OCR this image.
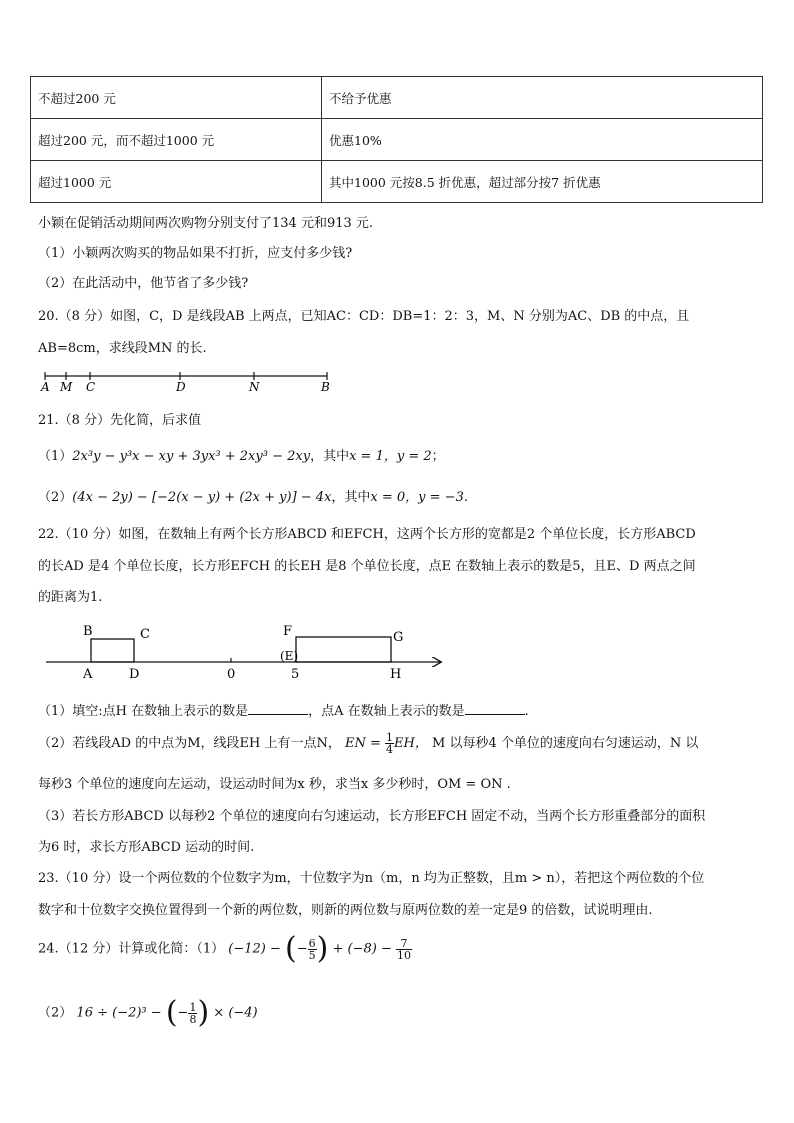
不超过200 元	不给予优惠
超过200 元，而不超过1000 元	优惠10%
超过1000 元	其中1000 元按8.5 折优惠，超过部分按7 折优惠
小颖在促销活动期间两次购物分别支付了134 元和913 元.
（1）小颖两次购买的物品如果不打折，应支付多少钱?
（2）在此活动中，他节省了多少钱?
20.（8 分）如图，C，D 是线段AB 上两点，已知AC：CD：DB=1：2：3，M、N 分别为AC、DB 的中点，且
AB=8cm，求线段MN 的长.
A M C	D	N	B
21.（8 分）先化简，后求值
（1）2x³y − y³x − xy + 3yx³ + 2xy³ − 2xy，其中x = 1，y = 2；
（2）(4x − 2y) − [−2(x − y) + (2x + y)] − 4x，其中x = 0，y = −3.
22.（10 分）如图，在数轴上有两个长方形ABCD 和EFCH，这两个长方形的宽都是2 个单位长度，长方形ABCD
的长AD 是4 个单位长度，长方形EFCH 的长EH 是8 个单位长度，点E 在数轴上表示的数是5，且E、D 两点之间
的距离为1.
B	C
A	D	0
F	G
(E)
5	H
（1）填空:点H 在数轴上表示的数是	，点A 在数轴上表示的数是	.
（2）若线段AD 的中点为M，线段EH 上有一点N， EN = $\frac{1}{4}$ EH， M 以每秒4 个单位的速度向右匀速运动，N 以
每秒3 个单位的速度向左运动，设运动时间为x 秒，求当x 多少秒时，OM = ON .
（3）若长方形ABCD 以每秒2 个单位的速度向右匀速运动，长方形EFCH 固定不动，当两个长方形重叠部分的面积
为6 时，求长方形ABCD 运动的时间.
23.（10 分）设一个两位数的个位数字为m，十位数字为n（m，n 均为正整数，且m > n），若把这个两位数的个位
数字和十位数字交换位置得到一个新的两位数，则新的两位数与原两位数的差一定是9 的倍数，试说明理由.
24.（12 分）计算或化简：（1） (−12) − (− $\frac{6}{5}$ ) + $(-8) - \frac{7}{10}$
（2） 16 ÷ (−2)³ − (− $\frac{1}{8}$ ) × (−4)
